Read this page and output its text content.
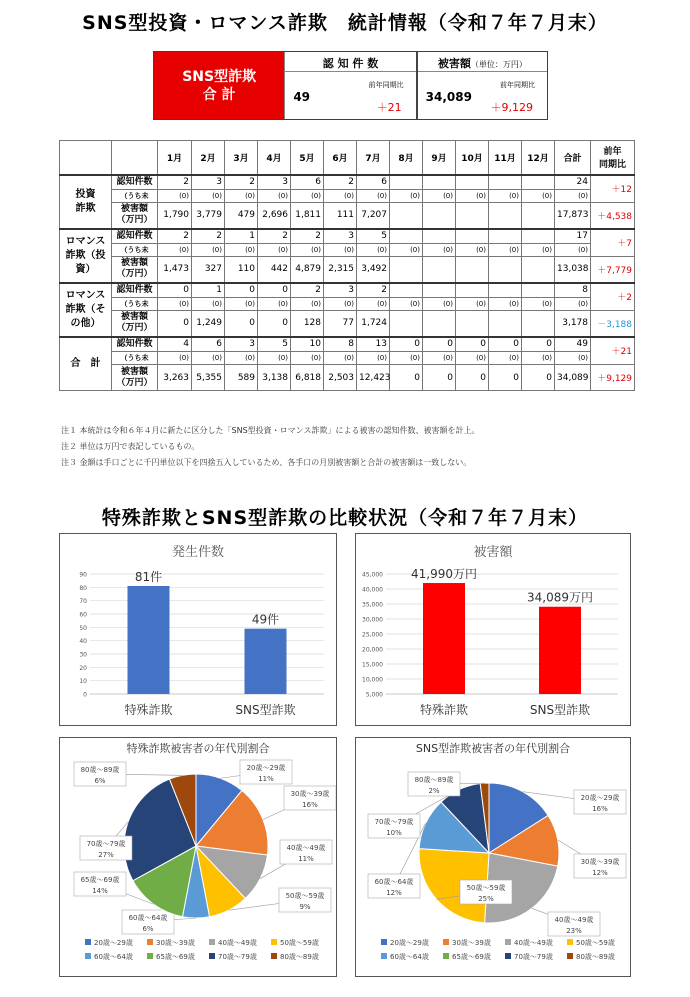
SNS型投資・ロマンス詐欺　統計情報（令和７年７月末）
SNS型詐欺
合 計
認 知 件 数
49
前年同期比
＋21
被害額（単位：万円）
34,089
前年同期比
＋9,129
		1月	2月	3月	4月	5月	6月	7月	8月	9月	10月	11月	12月	合計	前年
同期比

投資
詐欺	認知件数	2	3	2	3	6	2	6						24	＋12
	（うち未	(0)	(0)	(0)	(0)	(0)	(0)	(0)	(0)	(0)	(0)	(0)	(0)	(0)	

	被害額
（万円）	1,790	3,779	479	2,696	1,811	111	7,207						17,873	＋4,538

ロマンス
詐欺（投資）	認知件数	2	2	1	2	2	3	5						17	＋7
	（うち未	(0)	(0)	(0)	(0)	(0)	(0)	(0)	(0)	(0)	(0)	(0)	(0)	(0)	

	被害額
（万円）	1,473	327	110	442	4,879	2,315	3,492						13,038	＋7,779

ロマンス
詐欺（その他）	認知件数	0	1	0	0	2	3	2						8	＋2
	（うち未	(0)	(0)	(0)	(0)	(0)	(0)	(0)	(0)	(0)	(0)	(0)	(0)	(0)	

	被害額
（万円）	0	1,249	0	0	128	77	1,724						3,178	－3,188

合　計	認知件数	4	6	3	5	10	8	13	0	0	0	0	0	49	＋21
	（うち未	(0)	(0)	(0)	(0)	(0)	(0)	(0)	(0)	(0)	(0)	(0)	(0)	(0)	

	被害額
（万円）	3,263	5,355	589	3,138	6,818	2,503	12,423	0	0	0	0	0	34,089	＋9,129
注１ 本統計は令和６年４月に新たに区分した「SNS型投資・ロマンス詐欺」による被害の認知件数、被害額を計上。
注２ 単位は万円で表記しているもの。
注３ 金額は手口ごとに千円単位以下を四捨五入しているため、各手口の月別被害額と合計の被害額は一致しない。
特殊詐欺とSNS型詐欺の比較状況（令和７年７月末）
発生件数
0
10
20
30
40
50
60
70
80
90	81件
特殊詐欺
49件
SNS型詐欺
被害額
5,000
10,000
15,000
20,000
25,000
30,000
35,000
40,000
45,000 41,990万円
特殊詐欺
34,089万円
SNS型詐欺
特殊詐欺被害者の年代別割合
20歳～29歳
11%
30歳～39歳
16%
40歳～49歳
11%
50歳～59歳
9%
60歳～64歳
6%
65歳～69歳
14%
70歳～79歳
27%
80歳～89歳
6%
20歳～29歳	30歳～39歳	40歳～49歳	50歳～59歳
60歳～64歳	65歳～69歳	70歳～79歳	80歳～89歳
SNS型詐欺被害者の年代別割合
20歳～29歳
16%
30歳～39歳
12%
40歳～49歳
23%
50歳～59歳
25%
60歳～64歳
12%
70歳～79歳
10%
80歳～89歳
2%
20歳～29歳	30歳～39歳	40歳～49歳	50歳～59歳
60歳～64歳	65歳～69歳	70歳～79歳	80歳～89歳
